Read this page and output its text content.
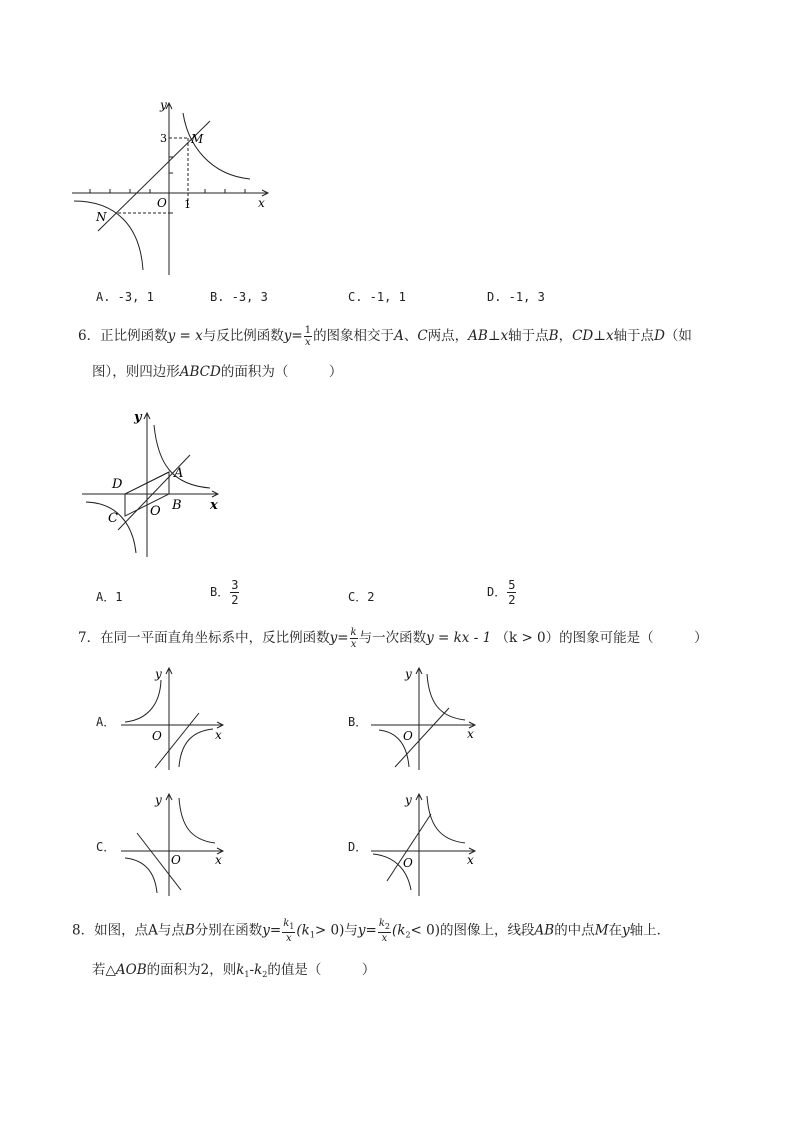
y
x
O
3
1
M
N
A. -3, 1	B. -3, 3	C. -1, 1	D. -1, 3
6．正比例函数y = x与反比例函数$y= \frac{1}{x}$ 的图象相交于A、C两点，AB⊥x轴于点B，CD⊥x轴于点D（如
图），则四边形ABCD的面积为（　　　）
y
x
O
A
B
C
D
A．1	B． $\frac{3}{2}$	C．2	D． $\frac{5}{2}$
7．在同一平面直角坐标系中，反比例函数$y= \frac{k}{x}$ 与一次函数y = kx - 1 （k > 0）的图象可能是（　　　）
A．	B．
C．	D．
y
x
O
y
x
O
y
x
O
y
x
O
8．如图，点A与点B分别在函数$y= \frac{k_1}{x} (k_1> 0)$与$y= \frac{k_2}{x} (k_2< 0)$的图像上，线段AB的中点M在y轴上．
若△AOB的面积为2，则$k_1-k_2$的值是（　　　）
